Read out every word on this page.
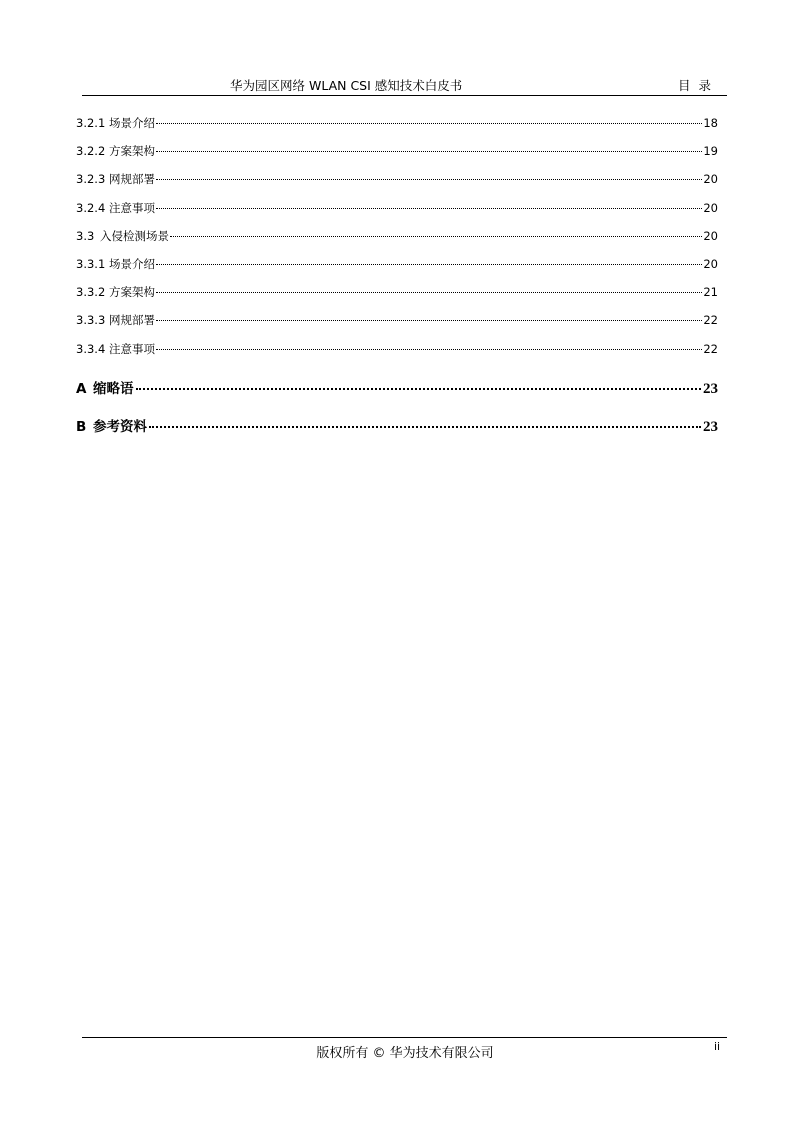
华为园区网络 WLAN CSI 感知技术白皮书	目录
3.2.1 场景介绍	18
3.2.2 方案架构	19
3.2.3 网规部署	20
3.2.4 注意事项	20
3.3 入侵检测场景	20
3.3.1 场景介绍	20
3.3.2 方案架构	21
3.3.3 网规部署	22
3.3.4 注意事项	22
A 缩略语	23
B 参考资料	23
版权所有 © 华为技术有限公司	ii
